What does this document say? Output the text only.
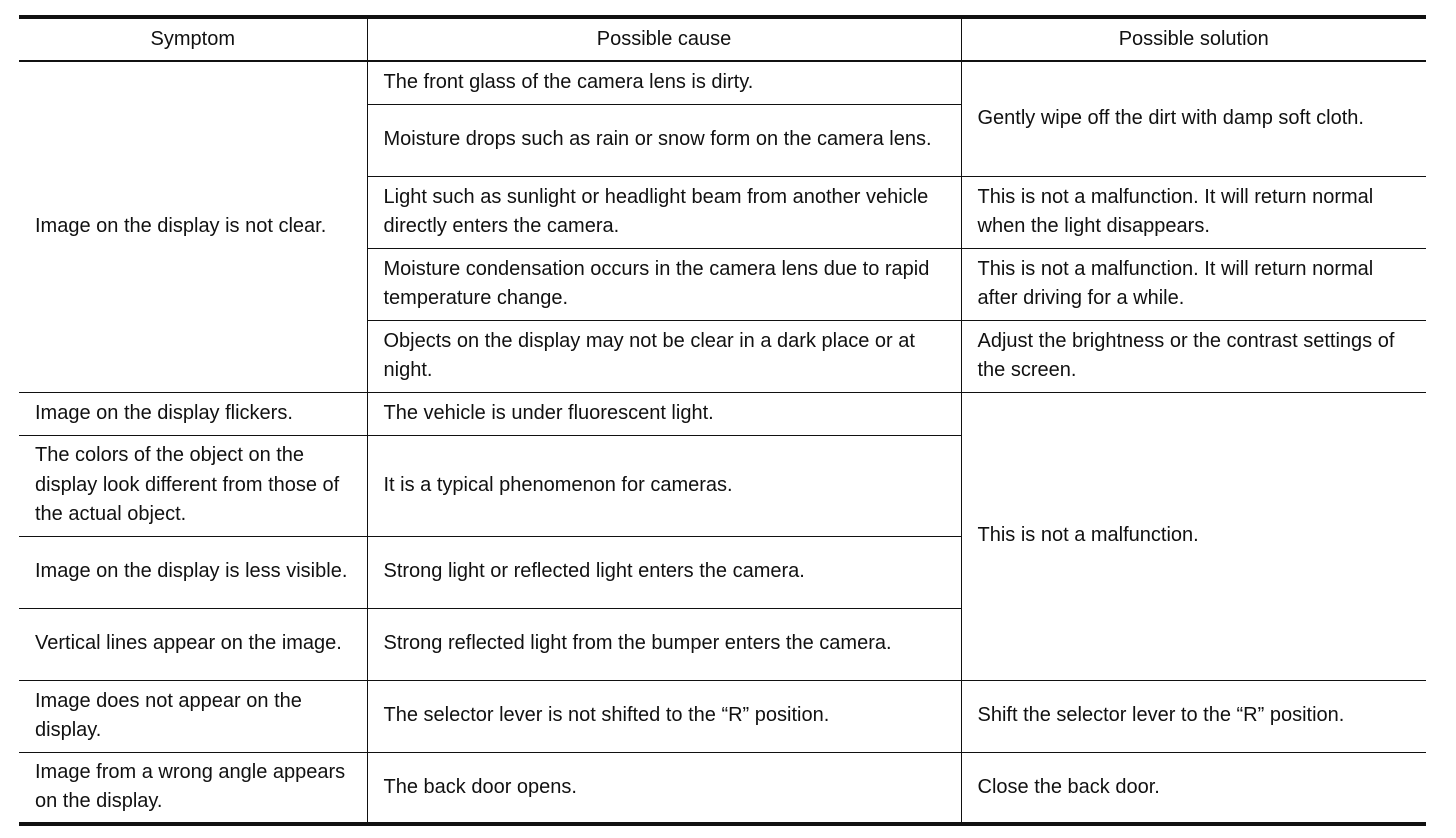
Symptom	Possible cause	Possible solution
Image on the display is not clear.	The front glass of the camera lens is dirty.	Gently wipe off the dirt with damp soft cloth.
	Moisture drops such as rain or snow form on the camera lens.	
	Light such as sunlight or headlight beam from another vehicle directly enters the camera.	This is not a malfunction. It will return normal when the light disappears.
	Moisture condensation occurs in the camera lens due to rapid temperature change.	This is not a malfunction. It will return normal after driving for a while.
	Objects on the display may not be clear in a dark place or at night.	Adjust the brightness or the contrast settings of the screen.
Image on the display flickers.	The vehicle is under fluorescent light.	This is not a malfunction.
The colors of the object on the display look different from those of the actual object.	It is a typical phenomenon for cameras.	
Image on the display is less visible.	Strong light or reflected light enters the camera.	
Vertical lines appear on the image.	Strong reflected light from the bumper enters the camera.	
Image does not appear on the display.	The selector lever is not shifted to the “R” position.	Shift the selector lever to the “R” position.
Image from a wrong angle appears on the display.	The back door opens.	Close the back door.
